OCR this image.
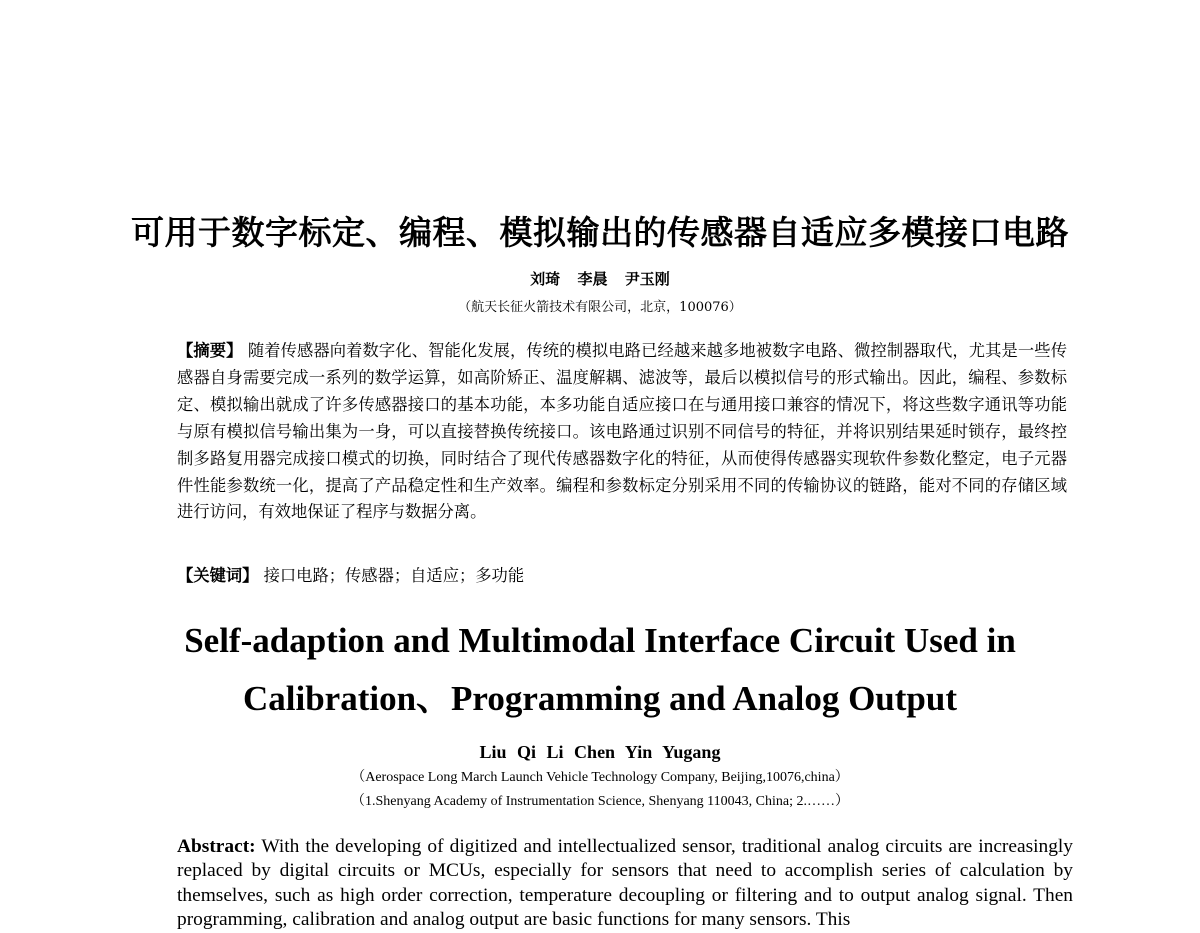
可用于数字标定、编程、模拟输出的传感器自适应多模接口电路
刘琦 李晨 尹玉刚
（航天长征火箭技术有限公司，北京，100076）
【摘要】 随着传感器向着数字化、智能化发展，传统的模拟电路已经越来越多地被数字电路、微控制器取代，尤其是一些传感器自身需要完成一系列的数学运算，如高阶矫正、温度解耦、滤波等，最后以模拟信号的形式输出。因此，编程、参数标定、模拟输出就成了许多传感器接口的基本功能，本多功能自适应接口在与通用接口兼容的情况下，将这些数字通讯等功能与原有模拟信号输出集为一身，可以直接替换传统接口。该电路通过识别不同信号的特征，并将识别结果延时锁存，最终控制多路复用器完成接口模式的切换，同时结合了现代传感器数字化的特征，从而使得传感器实现软件参数化整定，电子元器件性能参数统一化，提高了产品稳定性和生产效率。编程和参数标定分别采用不同的传输协议的链路，能对不同的存储区域进行访问，有效地保证了程序与数据分离。
【关键词】 接口电路；传感器；自适应；多功能
Self-adaption and Multimodal Interface Circuit Used in
Calibration、Programming and Analog Output
Liu Qi Li Chen Yin Yugang
（Aerospace Long March Launch Vehicle Technology Company, Beijing,10076,china）
（1.Shenyang Academy of Instrumentation Science, Shenyang 110043, China; 2.……）
Abstract: With the developing of digitized and intellectualized sensor, traditional analog circuits are increasingly replaced by digital circuits or MCUs, especially for sensors that need to accomplish series of calculation by themselves, such as high order correction, temperature decoupling or filtering and to output analog signal. Then programming, calibration and analog output are basic functions for many sensors. This
